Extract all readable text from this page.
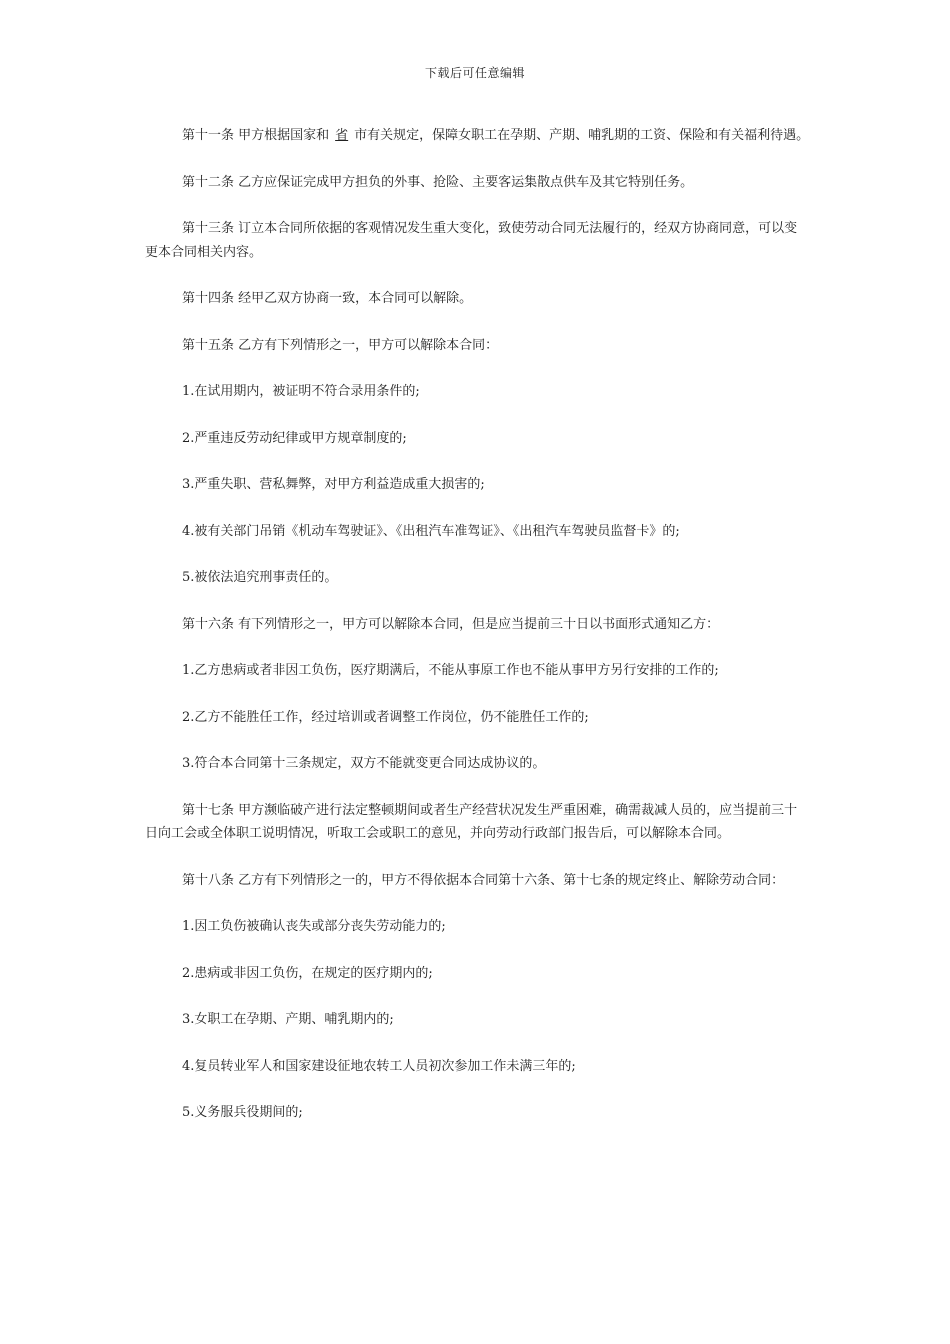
下载后可任意编辑

第十一条 甲方根据国家和 省 市有关规定，保障女职工在孕期、产期、哺乳期的工资、保险和有关福利待遇。

第十二条 乙方应保证完成甲方担负的外事、抢险、主要客运集散点供车及其它特别任务。

第十三条 订立本合同所依据的客观情况发生重大变化，致使劳动合同无法履行的，经双方协商同意，可以变更本合同相关内容。

第十四条 经甲乙双方协商一致，本合同可以解除。

第十五条 乙方有下列情形之一，甲方可以解除本合同：

1.在试用期内，被证明不符合录用条件的;

2.严重违反劳动纪律或甲方规章制度的;

3.严重失职、营私舞弊，对甲方利益造成重大损害的;

4.被有关部门吊销《机动车驾驶证》、《出租汽车准驾证》、《出租汽车驾驶员监督卡》的;

5.被依法追究刑事责任的。

第十六条 有下列情形之一，甲方可以解除本合同，但是应当提前三十日以书面形式通知乙方：

1.乙方患病或者非因工负伤，医疗期满后，不能从事原工作也不能从事甲方另行安排的工作的;

2.乙方不能胜任工作，经过培训或者调整工作岗位，仍不能胜任工作的;

3.符合本合同第十三条规定，双方不能就变更合同达成协议的。

第十七条 甲方濒临破产进行法定整顿期间或者生产经营状况发生严重困难，确需裁减人员的，应当提前三十日向工会或全体职工说明情况，听取工会或职工的意见，并向劳动行政部门报告后，可以解除本合同。

第十八条 乙方有下列情形之一的，甲方不得依据本合同第十六条、第十七条的规定终止、解除劳动合同：

1.因工负伤被确认丧失或部分丧失劳动能力的;

2.患病或非因工负伤，在规定的医疗期内的;

3.女职工在孕期、产期、哺乳期内的;

4.复员转业军人和国家建设征地农转工人员初次参加工作未满三年的;

5.义务服兵役期间的;
